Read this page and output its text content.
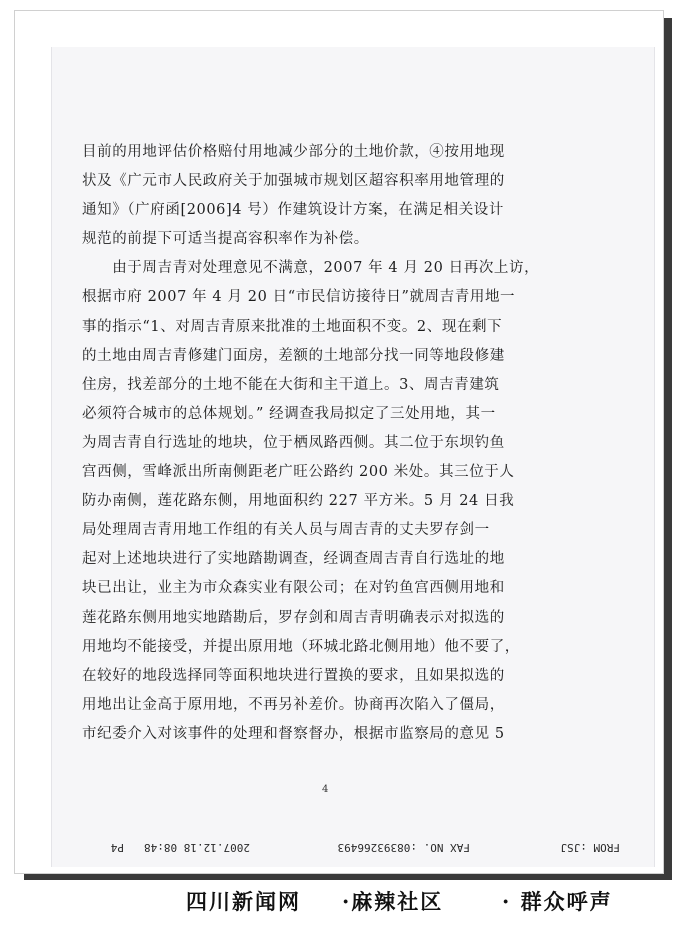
目前的用地评估价格赔付用地减少部分的土地价款，④按用地现

状及《广元市人民政府关于加强城市规划区超容积率用地管理的

通知》（广府函[2006]4 号）作建筑设计方案，在满足相关设计

规范的前提下可适当提高容积率作为补偿。

　　由于周吉青对处理意见不满意，2007 年 4 月 20 日再次上访，

根据市府 2007 年 4 月 20 日“市民信访接待日”就周吉青用地一

事的指示“1、对周吉青原来批准的土地面积不变。2、现在剩下

的土地由周吉青修建门面房，差额的土地部分找一同等地段修建

住房，找差部分的土地不能在大街和主干道上。3、周吉青建筑

必须符合城市的总体规划。” 经调查我局拟定了三处用地，其一

为周吉青自行选址的地块，位于栖凤路西侧。其二位于东坝钓鱼

宫西侧，雪峰派出所南侧距老广旺公路约 200 米处。其三位于人

防办南侧，莲花路东侧，用地面积约 227 平方米。5 月 24 日我

局处理周吉青用地工作组的有关人员与周吉青的丈夫罗存剑一

起对上述地块进行了实地踏勘调查，经调查周吉青自行选址的地

块已出让，业主为市众森实业有限公司；在对钓鱼宫西侧用地和

莲花路东侧用地实地踏勘后，罗存剑和周吉青明确表示对拟选的

用地均不能接受，并提出原用地（环城北路北侧用地）他不要了，

在较好的地段选择同等面积地块进行置换的要求，且如果拟选的

用地出让金高于原用地，不再另补差价。协商再次陷入了僵局，

市纪委介入对该事件的处理和督察督办，根据市监察局的意见 5

4
FROM :JSJ
FAX NO. :08393266493
2007.12.18 08:48
P4
四川新闻网 ·麻辣社区	· 群众呼声
